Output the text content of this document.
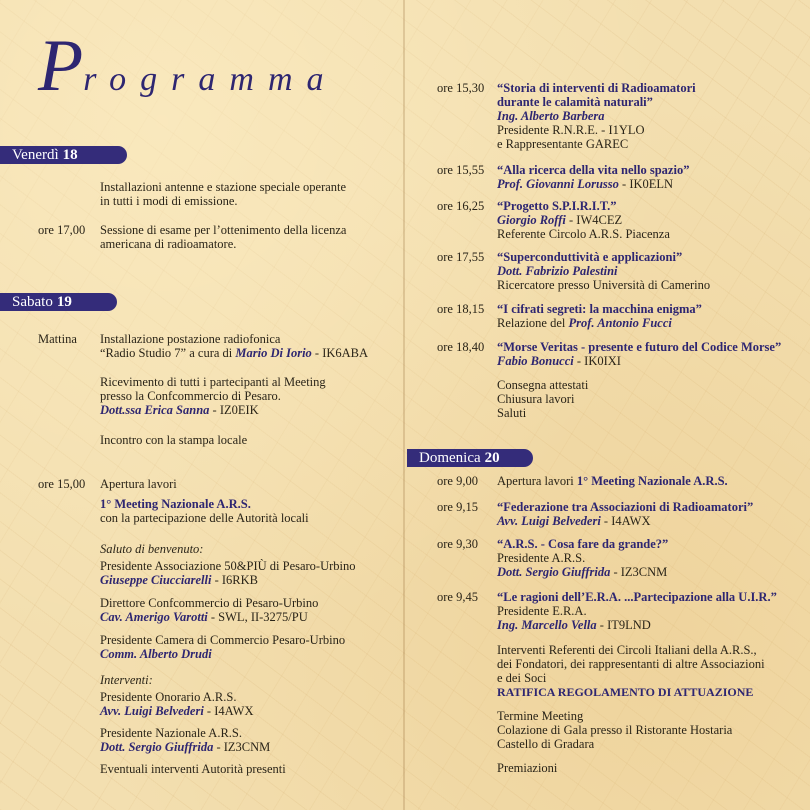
Programma
Venerdì 18
Sabato 19
Domenica 20
Installazioni antenne e stazione speciale operante
in tutti i modi di emissione.
ore 17,00 Sessione di esame per l’ottenimento della licenza
americana di radioamatore.
Mattina Installazione postazione radiofonica
“Radio Studio 7” a cura di Mario Di Iorio - IK6ABA
Ricevimento di tutti i partecipanti al Meeting
presso la Confcommercio di Pesaro.
Dott.ssa Erica Sanna - IZ0EIK
Incontro con la stampa locale
ore 15,00 Apertura lavori
1° Meeting Nazionale A.R.S.
con la partecipazione delle Autorità locali
Saluto di benvenuto:
Presidente Associazione 50&PIÙ di Pesaro-Urbino
Giuseppe Ciucciarelli - I6RKB
Direttore Confcommercio di Pesaro-Urbino
Cav. Amerigo Varotti - SWL, II-3275/PU
Presidente Camera di Commercio Pesaro-Urbino
Comm. Alberto Drudi
Interventi:
Presidente Onorario A.R.S.
Avv. Luigi Belvederi - I4AWX
Presidente Nazionale A.R.S.
Dott. Sergio Giuffrida - IZ3CNM
Eventuali interventi Autorità presenti
ore 15,30 “Storia di interventi di Radioamatori
durante le calamità naturali”
Ing. Alberto Barbera
Presidente R.N.R.E. - I1YLO
e Rappresentante GAREC
ore 15,55 “Alla ricerca della vita nello spazio”
Prof. Giovanni Lorusso - IK0ELN
ore 16,25 “Progetto S.P.I.R.I.T.”
Giorgio Roffi - IW4CEZ
Referente Circolo A.R.S. Piacenza
ore 17,55 “Superconduttività e applicazioni”
Dott. Fabrizio Palestini
Ricercatore presso Università di Camerino
ore 18,15 “I cifrati segreti: la macchina enigma”
Relazione del Prof. Antonio Fucci
ore 18,40 “Morse Veritas - presente e futuro del Codice Morse”
Fabio Bonucci - IK0IXI
Consegna attestati
Chiusura lavori
Saluti
ore 9,00 Apertura lavori 1° Meeting Nazionale A.R.S.
ore 9,15 “Federazione tra Associazioni di Radioamatori”
Avv. Luigi Belvederi - I4AWX
ore 9,30 “A.R.S. - Cosa fare da grande?”
Presidente A.R.S.
Dott. Sergio Giuffrida - IZ3CNM
ore 9,45 “Le ragioni dell’E.R.A. ...Partecipazione alla U.I.R.”
Presidente E.R.A.
Ing. Marcello Vella - IT9LND
Interventi Referenti dei Circoli Italiani della A.R.S.,
dei Fondatori, dei rappresentanti di altre Associazioni
e dei Soci
RATIFICA REGOLAMENTO DI ATTUAZIONE
Termine Meeting
Colazione di Gala presso il Ristorante Hostaria
Castello di Gradara
Premiazioni
